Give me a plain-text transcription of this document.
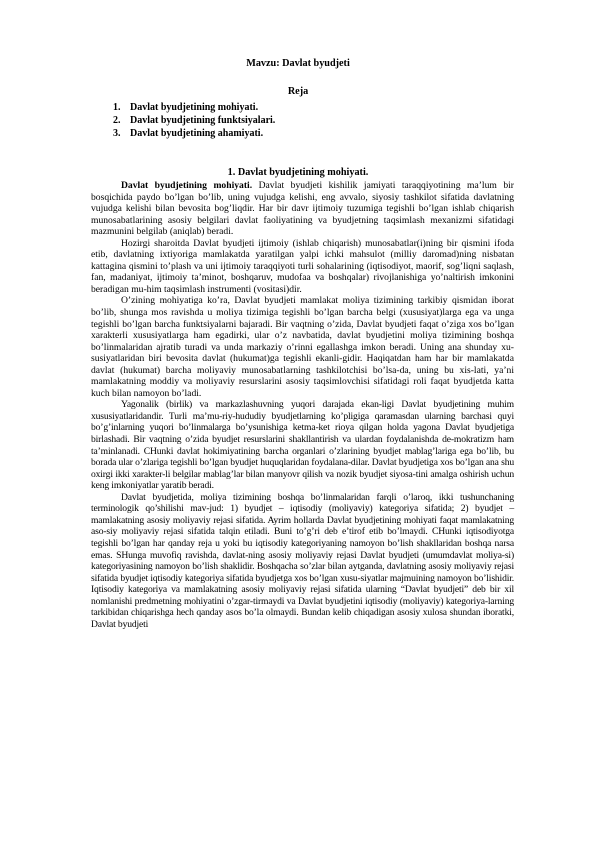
Mavzu: Davlat byudjeti
Reja
1. Davlat byudjetining mohiyati.
2. Davlat byudjetining funktsiyalari.
3. Davlat byudjetining ahamiyati.
1. Davlat byudjetining mohiyati.

Davlat byudjetining mohiyati. Davlat byudjeti kishilik jamiyati taraqqiyotining ma’lum bir bosqichida paydo bo’lgan bo’lib, uning vujudga kelishi, eng avvalo, siyosiy tashkilot sifatida davlatning vujudga kelishi bilan bevosita bog’liqdir. Har bir davr ijtimoiy tuzumiga tegishli bo’lgan ishlab chiqarish munosabatlarining asosiy belgilari davlat faoliyatining va byudjetning taqsimlash mexanizmi sifatidagi mazmunini belgilab (aniqlab) beradi.

Hozirgi sharoitda Davlat byudjeti ijtimoiy (ishlab chiqarish) munosabatlar(i)ning bir qismini ifoda etib, davlatning ixtiyoriga mamlakatda yaratilgan yalpi ichki mahsulot (milliy daromad)ning nisbatan kattagina qismini to’plash va uni ijtimoiy taraqqiyoti turli sohalarining (iqtisodiyot, maorif, sog’liqni saqlash, fan, madaniyat, ijtimoiy ta’minot, boshqaruv, mudofaa va boshqalar) rivojlanishiga yo’naltirish imkonini beradigan mu-him taqsimlash instrumenti (vositasi)dir.

O’zining mohiyatiga ko’ra, Davlat byudjeti mamlakat moliya tizimining tarkibiy qismidan iborat bo’lib, shunga mos ravishda u moliya tizimiga tegishli bo’lgan barcha belgi (xususiyat)larga ega va unga tegishli bo’lgan barcha funktsiyalarni bajaradi. Bir vaqtning o’zida, Davlat byudjeti faqat o’ziga xos bo’lgan xarakterli xususiyatlarga ham egadirki, ular o’z navbatida, davlat byudjetini moliya tizimining boshqa bo’linmalaridan ajratib turadi va unda markaziy o’rinni egallashga imkon beradi. Uning ana shunday xu-susiyatlaridan biri bevosita davlat (hukumat)ga tegishli ekanli-gidir. Haqiqatdan ham har bir mamlakatda davlat (hukumat) barcha moliyaviy munosabatlarning tashkilotchisi bo’lsa-da, uning bu xis-lati, ya’ni mamlakatning moddiy va moliyaviy resurslarini asosiy taqsimlovchisi sifatidagi roli faqat byudjetda katta kuch bilan namoyon bo’ladi.

Yagonalik (birlik) va markazlashuvning yuqori darajada ekan-ligi Davlat byudjetining muhim xususiyatlaridandir. Turli ma’mu-riy-hududiy byudjetlarning ko’pligiga qaramasdan ularning barchasi quyi bo’g’inlarning yuqori bo’linmalarga bo’ysunishiga ketma-ket rioya qilgan holda yagona Davlat byudjetiga birlashadi. Bir vaqtning o’zida byudjet resurslarini shakllantirish va ulardan foydalanishda de-mokratizm ham ta’minlanadi. CHunki davlat hokimiyatining barcha organlari o’zlarining byudjet mablag’lariga ega bo’lib, bu borada ular o’zlariga tegishli bo’lgan byudjet huquqlaridan foydalana-dilar. Davlat byudjetiga xos bo’lgan ana shu oxirgi ikki xarakter-li belgilar mablag’lar bilan manyovr qilish va nozik byudjet siyosa-tini amalga oshirish uchun keng imkoniyatlar yaratib beradi.

Davlat byudjetida, moliya tizimining boshqa bo’linmalaridan farqli o’laroq, ikki tushunchaning terminologik qo’shilishi mav-jud: 1) byudjet – iqtisodiy (moliyaviy) kategoriya sifatida; 2) byudjet – mamlakatning asosiy moliyaviy rejasi sifatida. Ayrim hollarda Davlat byudjetining mohiyati faqat mamlakatning aso-siy moliyaviy rejasi sifatida talqin etiladi. Buni to’g’ri deb e’tirof etib bo’lmaydi. CHunki iqtisodiyotga tegishli bo’lgan har qanday reja u yoki bu iqtisodiy kategoriyaning namoyon bo’lish shakllaridan boshqa narsa emas. SHunga muvofiq ravishda, davlat-ning asosiy moliyaviy rejasi Davlat byudjeti (umumdavlat moliya-si) kategoriyasining namoyon bo’lish shaklidir. Boshqacha so’zlar bilan aytganda, davlatning asosiy moliyaviy rejasi sifatida byudjet iqtisodiy kategoriya sifatida byudjetga xos bo’lgan xusu-siyatlar majmuining namoyon bo’lishidir. Iqtisodiy kategoriya va mamlakatning asosiy moliyaviy rejasi sifatida ularning “Davlat byudjeti” deb bir xil nomlanishi predmetning mohiyatini o’zgar-tirmaydi va Davlat byudjetini iqtisodiy (moliyaviy) kategoriya-larning tarkibidan chiqarishga hech qanday asos bo’la olmaydi. Bundan kelib chiqadigan asosiy xulosa shundan iboratki, Davlat byudjeti
